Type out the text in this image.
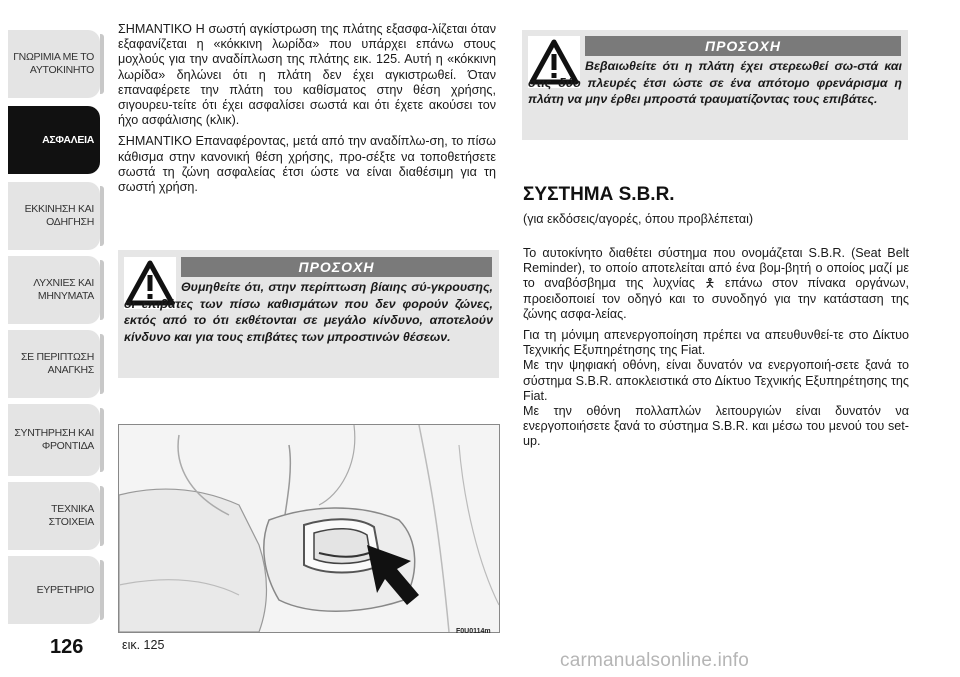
ΓΝΩΡΙΜΙΑ ΜΕ ΤΟ
ΑΥΤΟΚΙΝΗΤΟ
ΑΣΦΑΛΕΙΑ
ΕΚΚΙΝΗΣΗ ΚΑΙ
ΟΔΗΓΗΣΗ
ΛΥΧΝΙΕΣ ΚΑΙ
ΜΗΝΥΜΑΤΑ
ΣΕ ΠΕΡΙΠΤΩΣΗ
ΑΝΑΓΚΗΣ
ΣΥΝΤΗΡΗΣΗ ΚΑΙ
ΦΡΟΝΤΙΔΑ
ΤΕΧΝΙΚΑ ΣΤΟΙΧΕΙΑ
ΕΥΡΕΤΗΡΙΟ
126

ΣΗΜΑΝΤΙΚΟ Η σωστή αγκίστρωση της πλάτης εξασφα-λίζεται όταν εξαφανίζεται η «κόκκινη λωρίδα» που υπάρχει επάνω στους μοχλούς για την αναδίπλωση της πλάτης εικ. 125. Αυτή η «κόκκινη λωρίδα» δηλώνει ότι η πλάτη δεν έχει αγκιστρωθεί. Όταν επαναφέρετε την πλάτη του καθίσματος στην θέση χρήσης, σιγουρευ-τείτε ότι έχει ασφαλίσει σωστά και ότι έχετε ακούσει τον ήχο ασφάλισης (κλικ).

ΣΗΜΑΝΤΙΚΟ Επαναφέροντας, μετά από την αναδίπλω-ση, το πίσω κάθισμα στην κανονική θέση χρήσης, προ-σέξτε να τοποθετήσετε σωστά τη ζώνη ασφαλείας έτσι ώστε να είναι διαθέσιμη για τη σωστή χρήση.

ΠΡΟΣΟΧΗ
Θυμηθείτε ότι, στην περίπτωση βίαιης σύ-γκρουσης, οι επιβάτες των πίσω καθισμάτων που δεν φορούν ζώνες, εκτός από το ότι εκθέτονται σε μεγάλο κίνδυνο, αποτελούν κίνδυνο και για τους επιβάτες των μπροστινών θέσεων.
εικ. 125
F0U0114m
ΠΡΟΣΟΧΗ
Βεβαιωθείτε ότι η πλάτη έχει στερεωθεί σω-στά και στις δύο πλευρές έτσι ώστε σε ένα απότομο φρενάρισμα η πλάτη να μην έρθει μπροστά τραυματίζοντας τους επιβάτες.
ΣΥΣΤΗΜΑ S.B.R.
(για εκδόσεις/αγορές, όπου προβλέπεται)

Το αυτοκίνητο διαθέτει σύστημα που ονομάζεται S.B.R. (Seat Belt Reminder), το οποίο αποτελείται από ένα βομ-βητή ο οποίος μαζί με το αναβόσβημα της λυχνίας 🯅 επάνω στον πίνακα οργάνων, προειδοποιεί τον οδηγό και το συνοδηγό για την κατάσταση της ζώνης ασφα-λείας.

Για τη μόνιμη απενεργοποίηση πρέπει να απευθυνθεί-τε στο Δίκτυο Τεχνικής Εξυπηρέτησης της Fiat.
Με την ψηφιακή οθόνη, είναι δυνατόν να ενεργοποιή-σετε ξανά το σύστημα S.B.R. αποκλειστικά στο Δίκτυο Τεχνικής Εξυπηρέτησης της Fiat.
Με την οθόνη πολλαπλών λειτουργιών είναι δυνατόν να ενεργοποιήσετε ξανά το σύστημα S.B.R. και μέσω του μενού του set-up.

carmanualsonline.info
